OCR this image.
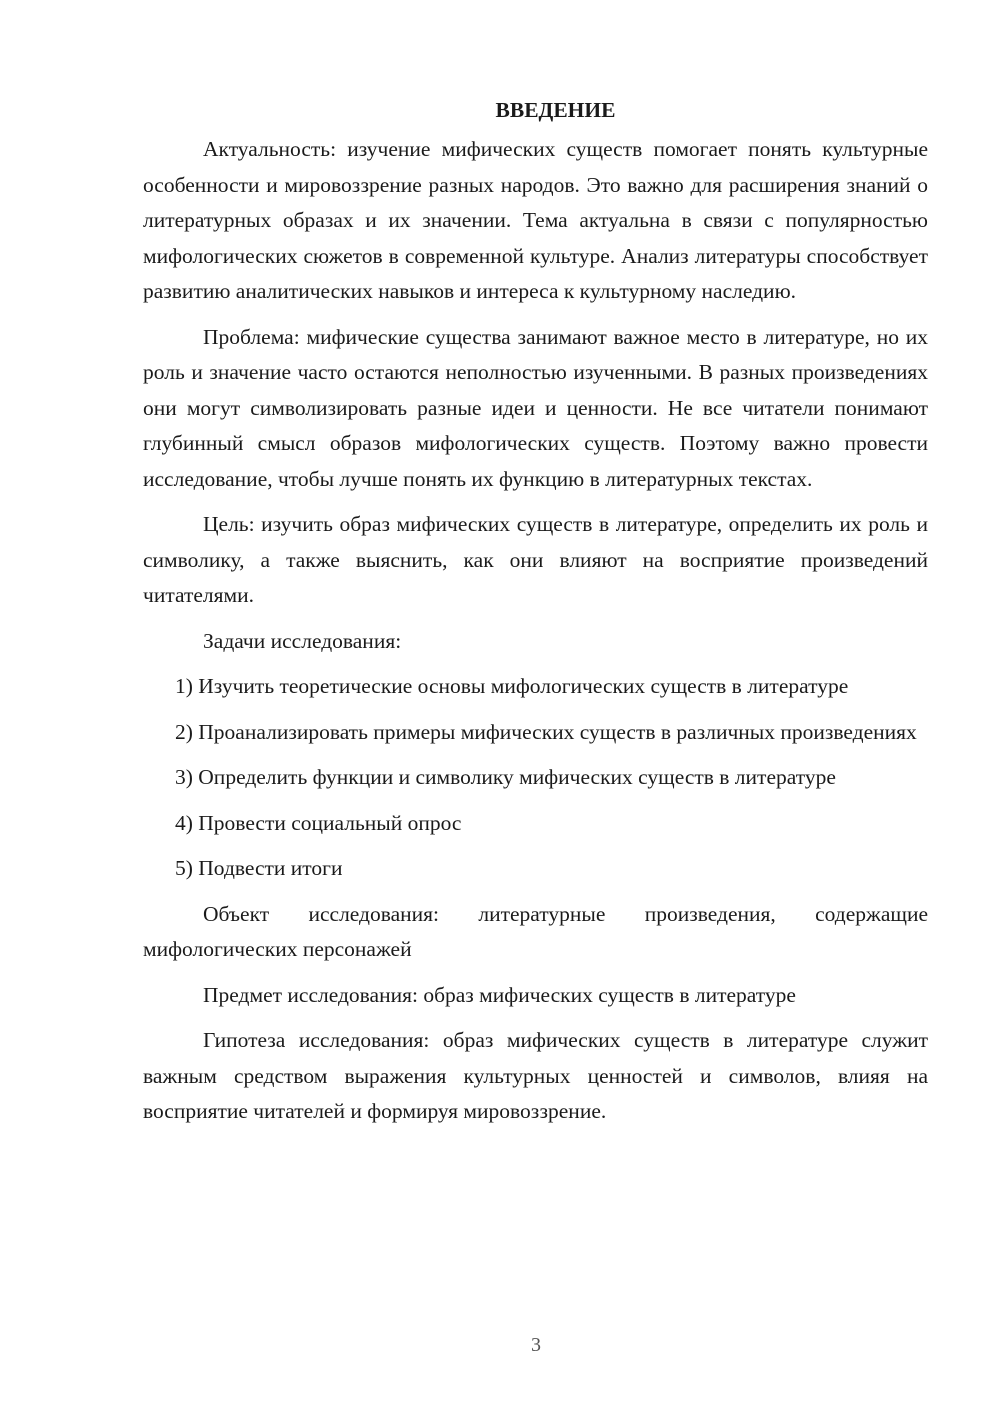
ВВЕДЕНИЕ

Актуальность: изучение мифических существ помогает понять культурные особенности и мировоззрение разных народов. Это важно для расширения знаний о литературных образах и их значении. Тема актуальна в связи с популярностью мифологических сюжетов в современной культуре. Анализ литературы способствует развитию аналитических навыков и интереса к культурному наследию.

Проблема: мифические существа занимают важное место в литературе, но их роль и значение часто остаются неполностью изученными. В разных произведениях они могут символизировать разные идеи и ценности. Не все читатели понимают глубинный смысл образов мифологических существ. Поэтому важно провести исследование, чтобы лучше понять их функцию в литературных текстах.

Цель: изучить образ мифических существ в литературе, определить их роль и символику, а также выяснить, как они влияют на восприятие произведений читателями.

Задачи исследования:

1) Изучить теоретические основы мифологических существ в литературе

2) Проанализировать примеры мифических существ в различных произведениях

3) Определить функции и символику мифических существ в литературе

4) Провести социальный опрос

5) Подвести итоги

Объект исследования: литературные произведения, содержащие мифологических персонажей

Предмет исследования: образ мифических существ в литературе

Гипотеза исследования: образ мифических существ в литературе служит важным средством выражения культурных ценностей и символов, влияя на восприятие читателей и формируя мировоззрение.

3
